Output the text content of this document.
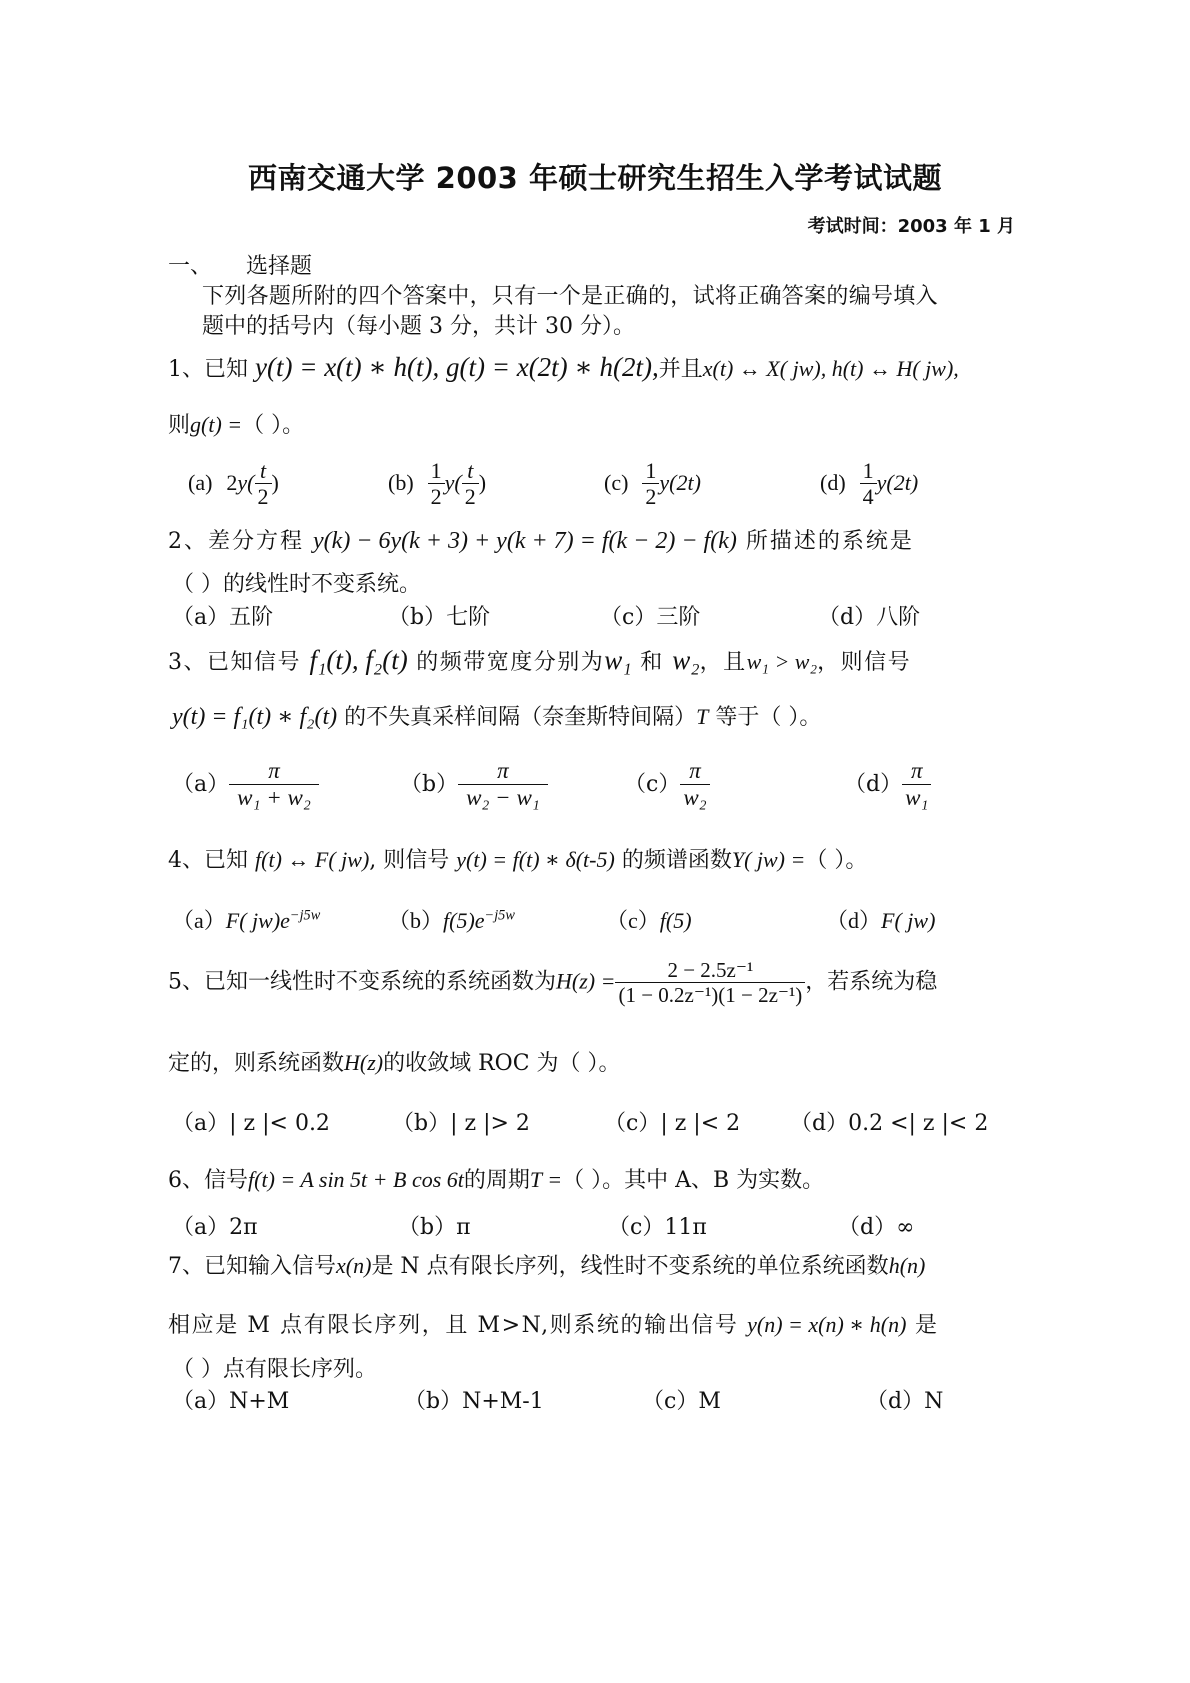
西南交通大学 2003 年硕士研究生招生入学考试试题
考试时间：2003 年 1 月
一、 选择题
下列各题所附的四个答案中，只有一个是正确的，试将正确答案的编号填入
题中的括号内（每小题 3 分，共计 30 分）。
1、已知 y(t) = x(t) ∗ h(t), g(t) = x(2t) ∗ h(2t),并且x(t) ↔ X( jw), h(t) ↔ H( jw),
则g(t) =（ ）。
(a) $2y( \frac{t}{2}$ )	$(b) \frac{1}{2} y( \frac{t}{2}$ )	$(c) \frac{1}{2} y(2t)$	$(d) \frac{1}{4} y(2t)$
2、差分方程 y(k) − 6y(k + 3) + y(k + 7) = f(k − 2) − f(k) 所描述的系统是
（ ）的线性时不变系统。
（a）五阶	（b）七阶	（c）三阶	（d）八阶
3、已知信号 f₁(t), f₂(t) 的频带宽度分别为w₁ 和 w₂，且w₁ > w₂，则信号
y(t) = f₁(t) ∗ f₂(t) 的不失真采样间隔（奈奎斯特间隔）T 等于（ ）。
$(a) \frac{\pi}{\text{w₁ + w₂}}$	$(b) \frac{\pi}{\text{w₂ − w₁}}$	$(c) \frac{\pi}{\text{w₂}}$	$(d) \frac{\pi}{\text{w₁}}$
4、已知 f(t) ↔ F( jw), 则信号 y(t) = f(t) ∗ δ(t-5) 的频谱函数Y( jw) =（ ）。
（a）F( $jw)e^{-j5w}$	$(b)f(5)e^{-j5w}$	（c）f(5)	（d）F( jw)
5、已知一线性时不变系统的系统函数为$H(z) = \frac{\text{2 − 2.5z⁻¹}}{\text{(1 − 0.2z⁻¹)(1 − 2z⁻¹)}}$ ，若系统为稳
定的，则系统函数H(z)的收敛域 ROC 为（ ）。
（a）| z |< 0.2	（b）| z |> 2	（c）| z |< 2 （d）0.2 <| z |< 2
6、信号f(t) = A sin 5t + B cos 6t的周期T =（ ）。其中 A、B 为实数。
（a）2π	（b）π	（c）11π	（d）∞
7、已知输入信号x(n)是 N 点有限长序列，线性时不变系统的单位系统函数h(n)
相应是 M 点有限长序列，且 M>N,则系统的输出信号 y(n) = x(n) ∗ h(n) 是
（ ）点有限长序列。
（a）N+M	（b）N+M-1	（c）M	（d）N
